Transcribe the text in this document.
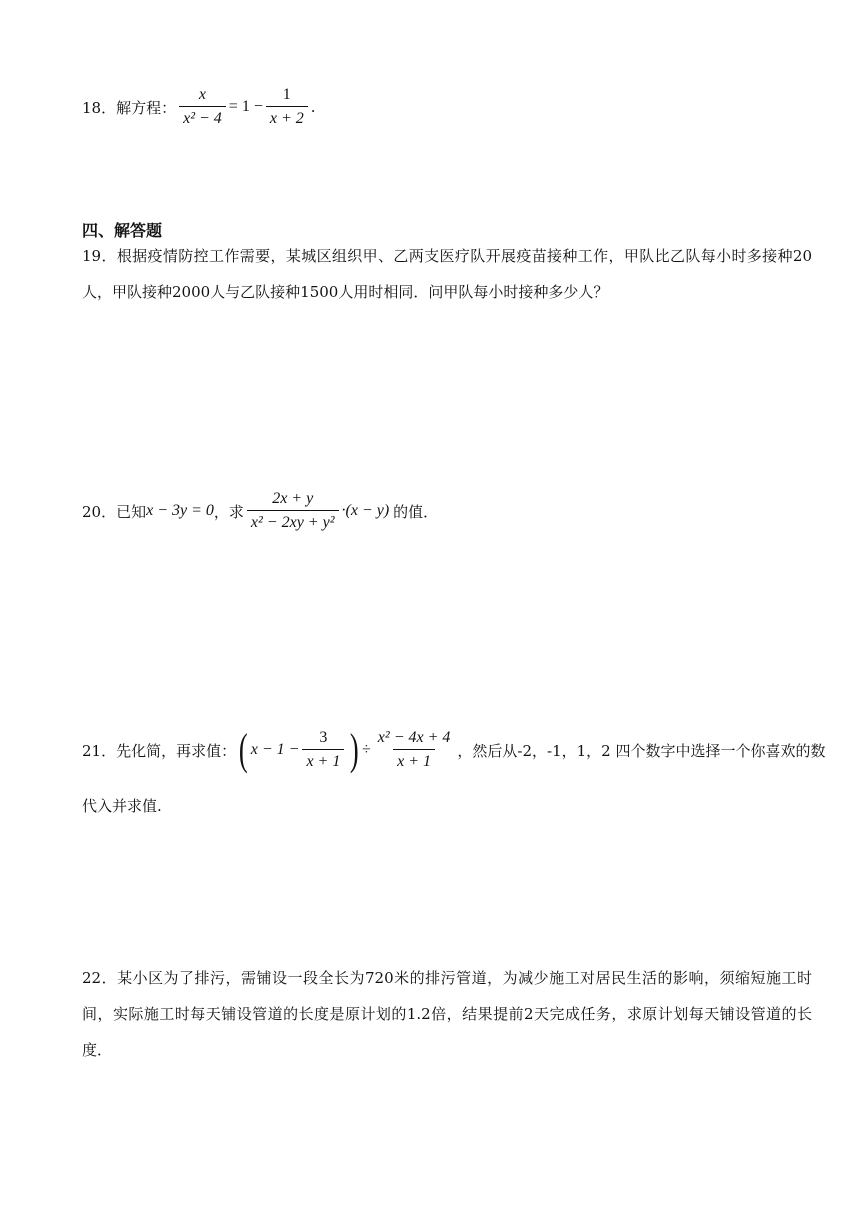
18．解方程： $\frac{x}{\text{x² − 4}} = 1 - \frac{1}{x + 2}$ .
四、解答题
19．根据疫情防控工作需要，某城区组织甲、乙两支医疗队开展疫苗接种工作，甲队比乙队每小时多接种20人，甲队接种2000人与乙队接种1500人用时相同．问甲队每小时接种多少人？
20．已知 x − 3y = 0 ，求 $\frac{2x + y}{\text{x² − 2xy + y²}} \cdot(x - y)$ 的值．
21．先化简，再求值： ( $x - 1 - \frac{3}{x + 1}$ ) ÷ $\frac{\text{x² − 4x + 4}}{x + 1}$ ，然后从-2，-1，1，2 四个数字中选择一个你喜欢的数
代入并求值.
22．某小区为了排污，需铺设一段全长为720米的排污管道，为减少施工对居民生活的影响，须缩短施工时间，实际施工时每天铺设管道的长度是原计划的1.2倍，结果提前2天完成任务，求原计划每天铺设管道的长度．
